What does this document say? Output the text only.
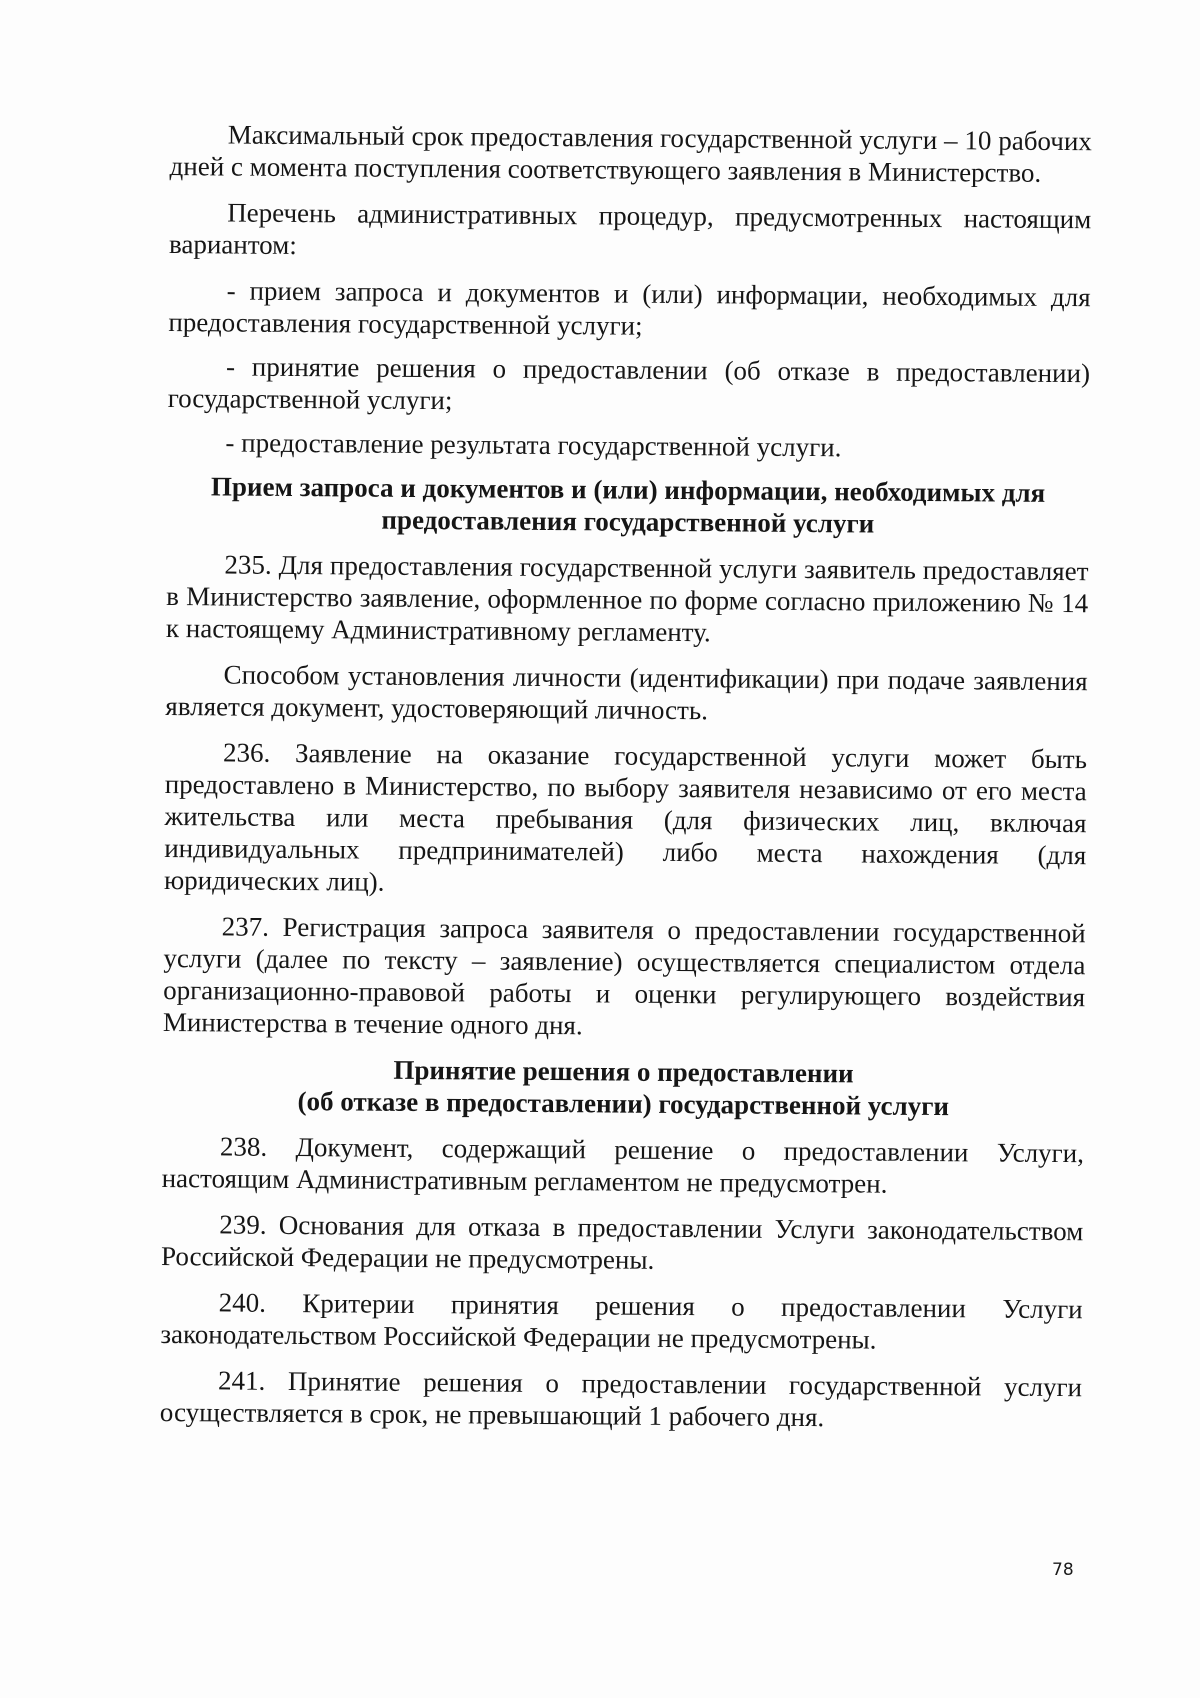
Максимальный срок предоставления государственной услуги – 10 рабочих дней с момента поступления соответствующего заявления в Министерство.

Перечень административных процедур, предусмотренных настоящим вариантом:

- прием запроса и документов и (или) информации, необходимых для предоставления государственной услуги;

- принятие решения о предоставлении (об отказе в предоставлении) государственной услуги;

- предоставление результата государственной услуги.

Прием запроса и документов и (или) информации, необходимых для
предоставления государственной услуги

235. Для предоставления государственной услуги заявитель предоставляет в Министерство заявление, оформленное по форме согласно приложению № 14 к настоящему Административному регламенту.

Способом установления личности (идентификации) при подаче заявления является документ, удостоверяющий личность.

236. Заявление на оказание государственной услуги может быть предоставлено в Министерство, по выбору заявителя независимо от его места жительства или места пребывания (для физических лиц, включая индивидуальных предпринимателей) либо места нахождения (для юридических лиц).

237. Регистрация запроса заявителя о предоставлении государственной услуги (далее по тексту – заявление) осуществляется специалистом отдела организационно-правовой работы и оценки регулирующего воздействия Министерства в течение одного дня.

Принятие решения о предоставлении
(об отказе в предоставлении) государственной услуги

238. Документ, содержащий решение о предоставлении Услуги, настоящим Административным регламентом не предусмотрен.

239. Основания для отказа в предоставлении Услуги законодательством Российской Федерации не предусмотрены.

240. Критерии принятия решения о предоставлении Услуги законодательством Российской Федерации не предусмотрены.

241. Принятие решения о предоставлении государственной услуги осуществляется в срок, не превышающий 1 рабочего дня.

78
